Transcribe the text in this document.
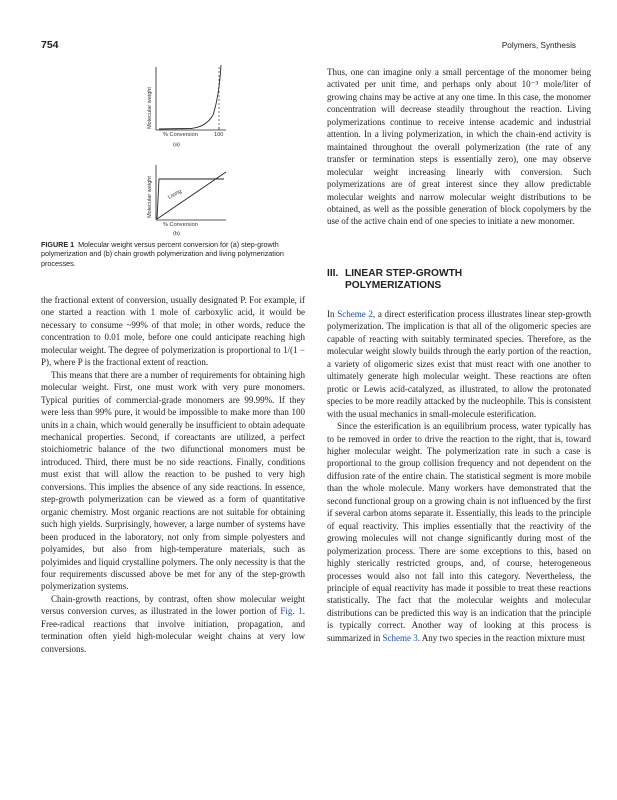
754	Polymers, Synthesis
Molecular weight
% Conversion	100
(a)
Living
Molecular weight
% Conversion
(b)
FIGURE 1 Molecular weight versus percent conversion for (a) step-growth polymerization and (b) chain growth polymerization and living polymerization processes.

the fractional extent of conversion, usually designated P. For example, if one started a reaction with 1 mole of carboxylic acid, it would be necessary to consume ~99% of that mole; in other words, reduce the concentration to 0.01 mole, before one could anticipate reaching high molecular weight. The degree of polymerization is proportional to 1/(1 − P), where P is the fractional extent of reaction.

This means that there are a number of requirements for obtaining high molecular weight. First, one must work with very pure monomers. Typical purities of commercial-grade monomers are 99.99%. If they were less than 99% pure, it would be impossible to make more than 100 units in a chain, which would generally be insufficient to obtain adequate mechanical properties. Second, if coreactants are utilized, a perfect stoichiometric balance of the two difunctional monomers must be introduced. Third, there must be no side reactions. Finally, conditions must exist that will allow the reaction to be pushed to very high conversions. This implies the absence of any side reactions. In essence, step-growth polymerization can be viewed as a form of quantitative organic chemistry. Most organic reactions are not suitable for obtaining such high yields. Surprisingly, however, a large number of systems have been produced in the laboratory, not only from simple polyesters and polyamides, but also from high-temperature materials, such as polyimides and liquid crystalline polymers. The only necessity is that the four requirements discussed above be met for any of the step-growth polymerization systems.

Chain-growth reactions, by contrast, often show molecular weight versus conversion curves, as illustrated in the lower portion of Fig. 1. Free-radical reactions that involve initiation, propagation, and termination often yield high-molecular weight chains at very low conversions.

Thus, one can imagine only a small percentage of the monomer being activated per unit time, and perhaps only about 10⁻³ mole/liter of growing chains may be active at any one time. In this case, the monomer concentration will decrease steadily throughout the reaction. Living polymerizations continue to receive intense academic and industrial attention. In a living polymerization, in which the chain-end activity is maintained throughout the overall polymerization (the rate of any transfer or termination steps is essentially zero), one may observe molecular weight increasing linearly with conversion. Such polymerizations are of great interest since they allow predictable molecular weights and narrow molecular weight distributions to be obtained, as well as the possible generation of block copolymers by the use of the active chain end of one species to initiate a new monomer.

III. LINEAR STEP-GROWTH
POLYMERIZATIONS

In Scheme 2, a direct esterification process illustrates linear step-growth polymerization. The implication is that all of the oligomeric species are capable of reacting with suitably terminated species. Therefore, as the molecular weight slowly builds through the early portion of the reaction, a variety of oligomeric sizes exist that must react with one another to ultimately generate high molecular weight. These reactions are often protic or Lewis acid-catalyzed, as illustrated, to allow the protonated species to be more readily attacked by the nucleophile. This is consistent with the usual mechanics in small-molecule esterification.

Since the esterification is an equilibrium process, water typically has to be removed in order to drive the reaction to the right, that is, toward higher molecular weight. The polymerization rate in such a case is proportional to the group collision frequency and not dependent on the diffusion rate of the entire chain. The statistical segment is more mobile than the whole molecule. Many workers have demonstrated that the second functional group on a growing chain is not influenced by the first if several carbon atoms separate it. Essentially, this leads to the principle of equal reactivity. This implies essentially that the reactivity of the growing molecules will not change significantly during most of the polymerization process. There are some exceptions to this, based on highly sterically restricted groups, and, of course, heterogeneous processes would also not fall into this category. Nevertheless, the principle of equal reactivity has made it possible to treat these reactions statistically. The fact that the molecular weights and molecular distributions can be predicted this way is an indication that the principle is typically correct. Another way of looking at this process is summarized in Scheme 3. Any two species in the reaction mixture must
